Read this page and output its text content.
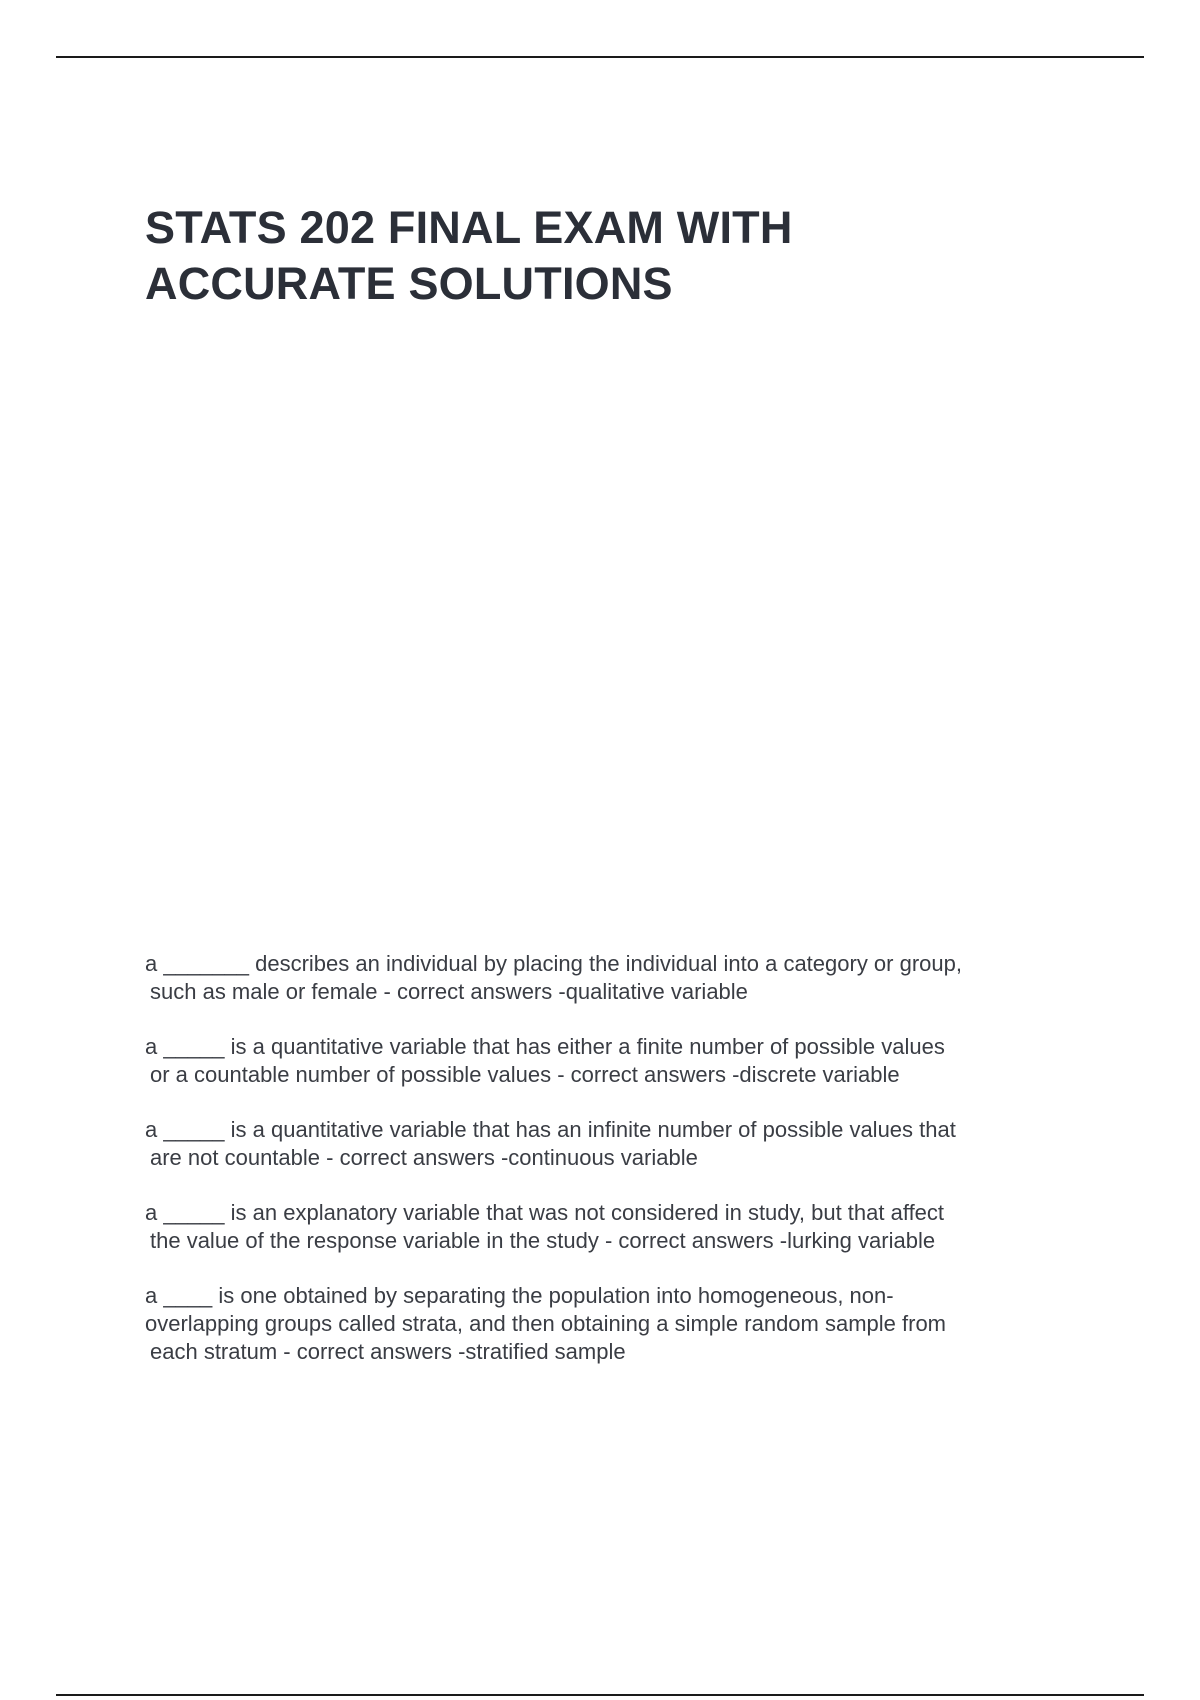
STATS 202 FINAL EXAM WITH
ACCURATE SOLUTIONS
a _______ describes an individual by placing the individual into a category or group,
such as male or female - correct answers -qualitative variable
a _____ is a quantitative variable that has either a finite number of possible values
or a countable number of possible values - correct answers -discrete variable
a _____ is a quantitative variable that has an infinite number of possible values that
are not countable - correct answers -continuous variable
a _____ is an explanatory variable that was not considered in study, but that affect
the value of the response variable in the study - correct answers -lurking variable
a ____ is one obtained by separating the population into homogeneous, non-
overlapping groups called strata, and then obtaining a simple random sample from
each stratum - correct answers -stratified sample
